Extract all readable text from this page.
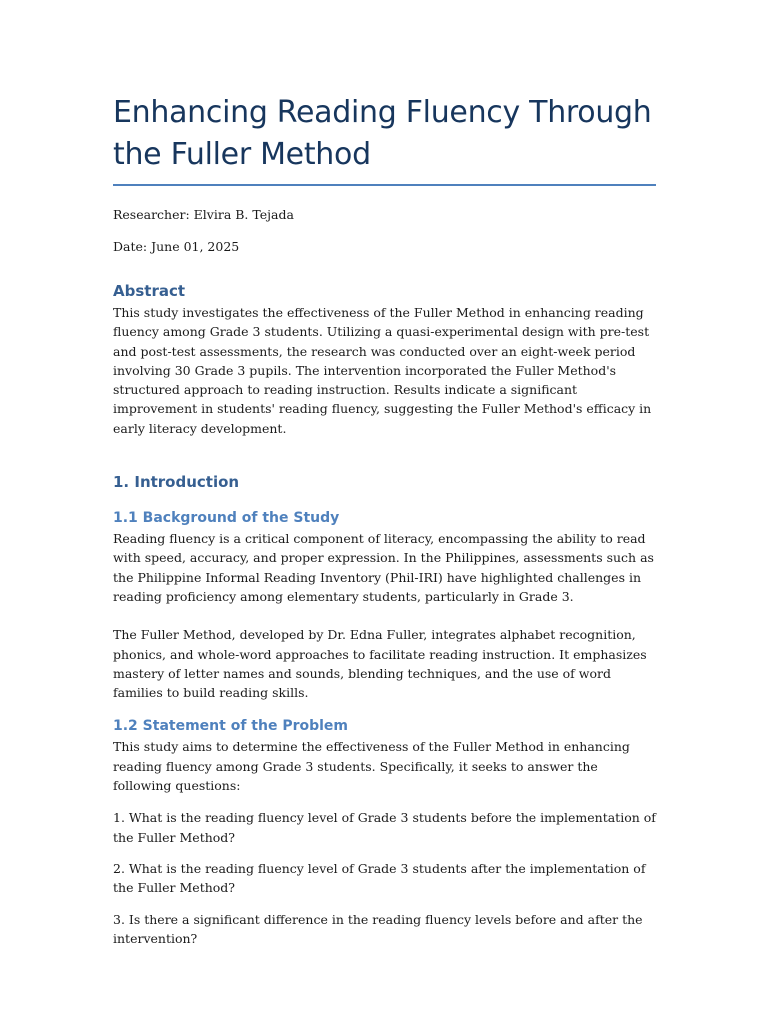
Enhancing Reading Fluency Through the Fuller Method

Researcher: Elvira B. Tejada

Date: June 01, 2025

Abstract

This study investigates the effectiveness of the Fuller Method in enhancing reading fluency among Grade 3 students. Utilizing a quasi-experimental design with pre-test and post-test assessments, the research was conducted over an eight-week period involving 30 Grade 3 pupils. The intervention incorporated the Fuller Method's structured approach to reading instruction. Results indicate a significant improvement in students' reading fluency, suggesting the Fuller Method's efficacy in early literacy development.

1. Introduction
1.1 Background of the Study

Reading fluency is a critical component of literacy, encompassing the ability to read with speed, accuracy, and proper expression. In the Philippines, assessments such as the Philippine Informal Reading Inventory (Phil-IRI) have highlighted challenges in reading proficiency among elementary students, particularly in Grade 3.

The Fuller Method, developed by Dr. Edna Fuller, integrates alphabet recognition, phonics, and whole-word approaches to facilitate reading instruction. It emphasizes mastery of letter names and sounds, blending techniques, and the use of word families to build reading skills.

1.2 Statement of the Problem

This study aims to determine the effectiveness of the Fuller Method in enhancing reading fluency among Grade 3 students. Specifically, it seeks to answer the following questions:

1. What is the reading fluency level of Grade 3 students before the implementation of the Fuller Method?

2. What is the reading fluency level of Grade 3 students after the implementation of the Fuller Method?

3. Is there a significant difference in the reading fluency levels before and after the intervention?
